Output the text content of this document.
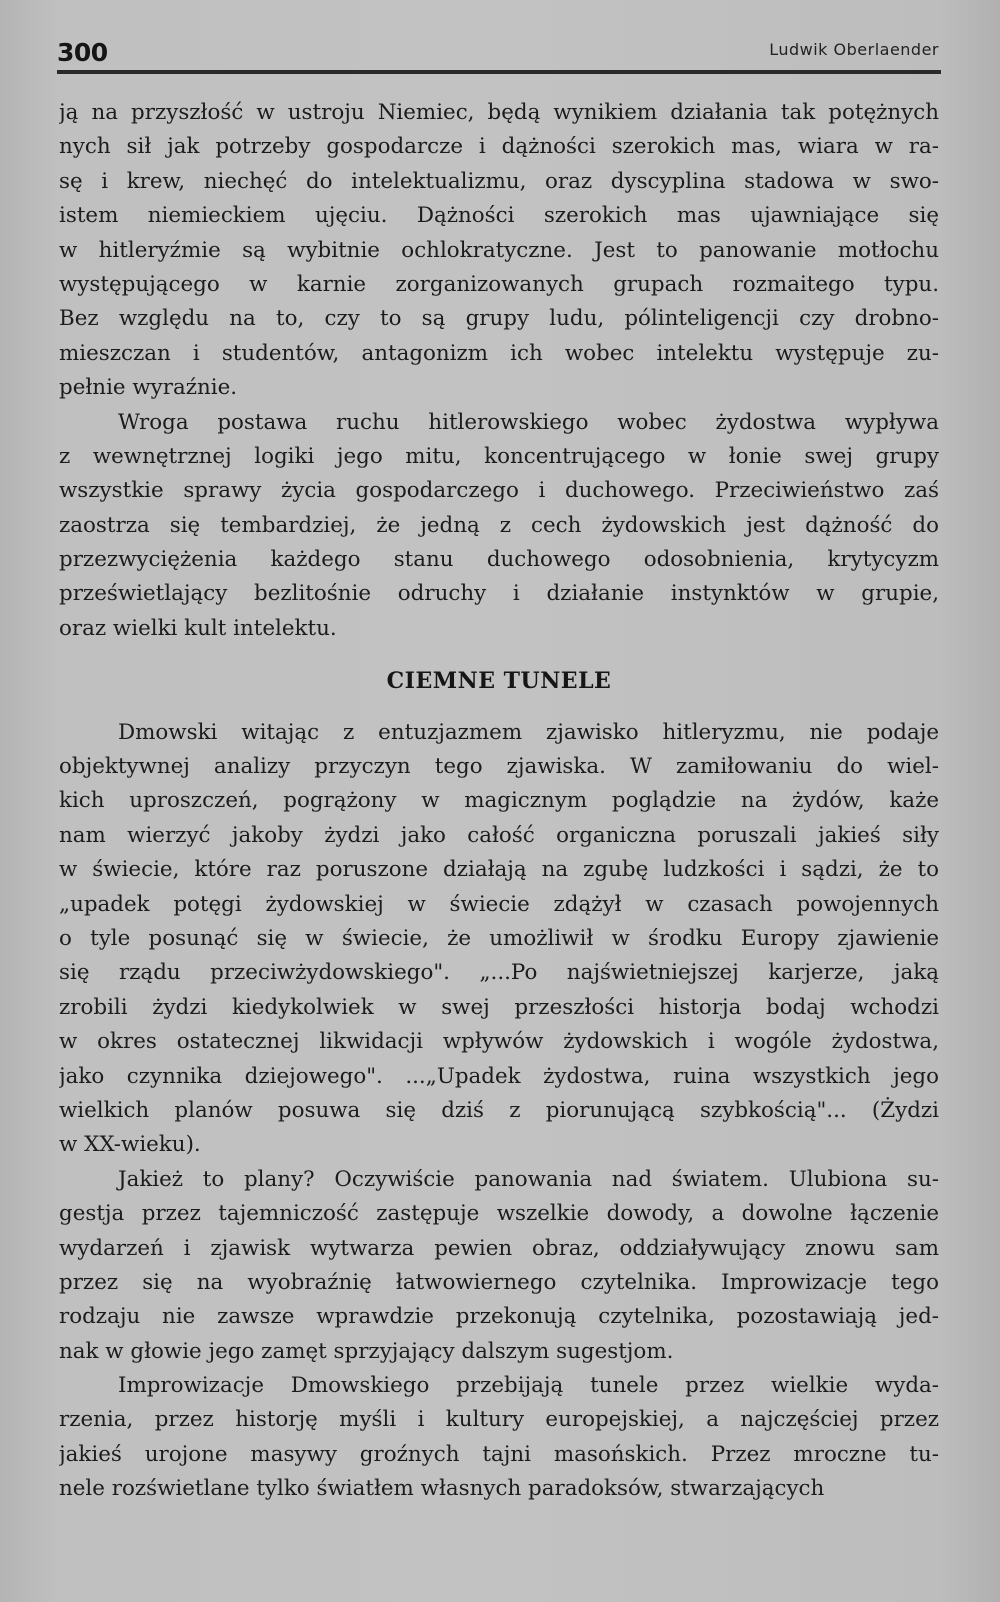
300	Ludwik Oberlaender

ją na przyszłość w ustroju Niemiec, będą wynikiem działania tak potężnych
nych sił jak potrzeby gospodarcze i dążności szerokich mas, wiara w ra-
sę i krew, niechęć do intelektualizmu, oraz dyscyplina stadowa w swo-
istem niemieckiem ujęciu. Dążności szerokich mas ujawniające się
w hitleryźmie są wybitnie ochlokratyczne. Jest to panowanie motłochu
występującego w karnie zorganizowanych grupach rozmaitego typu.
Bez względu na to, czy to są grupy ludu, pólinteligencji czy drobno-
mieszczan i studentów, antagonizm ich wobec intelektu występuje zu-
pełnie wyraźnie.

Wroga postawa ruchu hitlerowskiego wobec żydostwa wypływa
z wewnętrznej logiki jego mitu, koncentrującego w łonie swej grupy
wszystkie sprawy życia gospodarczego i duchowego. Przeciwieństwo zaś
zaostrza się tembardziej, że jedną z cech żydowskich jest dążność do
przezwyciężenia każdego stanu duchowego odosobnienia, krytycyzm
prześwietlający bezlitośnie odruchy i działanie instynktów w grupie,
oraz wielki kult intelektu.

CIEMNE TUNELE

Dmowski witając z entuzjazmem zjawisko hitleryzmu, nie podaje
objektywnej analizy przyczyn tego zjawiska. W zamiłowaniu do wiel-
kich uproszczeń, pogrążony w magicznym poglądzie na żydów, każe
nam wierzyć jakoby żydzi jako całość organiczna poruszali jakieś siły
w świecie, które raz poruszone działają na zgubę ludzkości i sądzi, że to
„upadek potęgi żydowskiej w świecie zdążył w czasach powojennych
o tyle posunąć się w świecie, że umożliwił w środku Europy zjawienie
się rządu przeciwżydowskiego". „...Po najświetniejszej karjerze, jaką
zrobili żydzi kiedykolwiek w swej przeszłości historja bodaj wchodzi
w okres ostatecznej likwidacji wpływów żydowskich i wogóle żydostwa,
jako czynnika dziejowego". ...„Upadek żydostwa, ruina wszystkich jego
wielkich planów posuwa się dziś z piorunującą szybkością"... (Żydzi
w XX-wieku).

Jakież to plany? Oczywiście panowania nad światem. Ulubiona su-
gestja przez tajemniczość zastępuje wszelkie dowody, a dowolne łączenie
wydarzeń i zjawisk wytwarza pewien obraz, oddziaływujący znowu sam
przez się na wyobraźnię łatwowiernego czytelnika. Improwizacje tego
rodzaju nie zawsze wprawdzie przekonują czytelnika, pozostawiają jed-
nak w głowie jego zamęt sprzyjający dalszym sugestjom.

Improwizacje Dmowskiego przebijają tunele przez wielkie wyda-
rzenia, przez historję myśli i kultury europejskiej, a najczęściej przez
jakieś urojone masywy groźnych tajni masońskich. Przez mroczne tu-
nele rozświetlane tylko światłem własnych paradoksów, stwarzających
